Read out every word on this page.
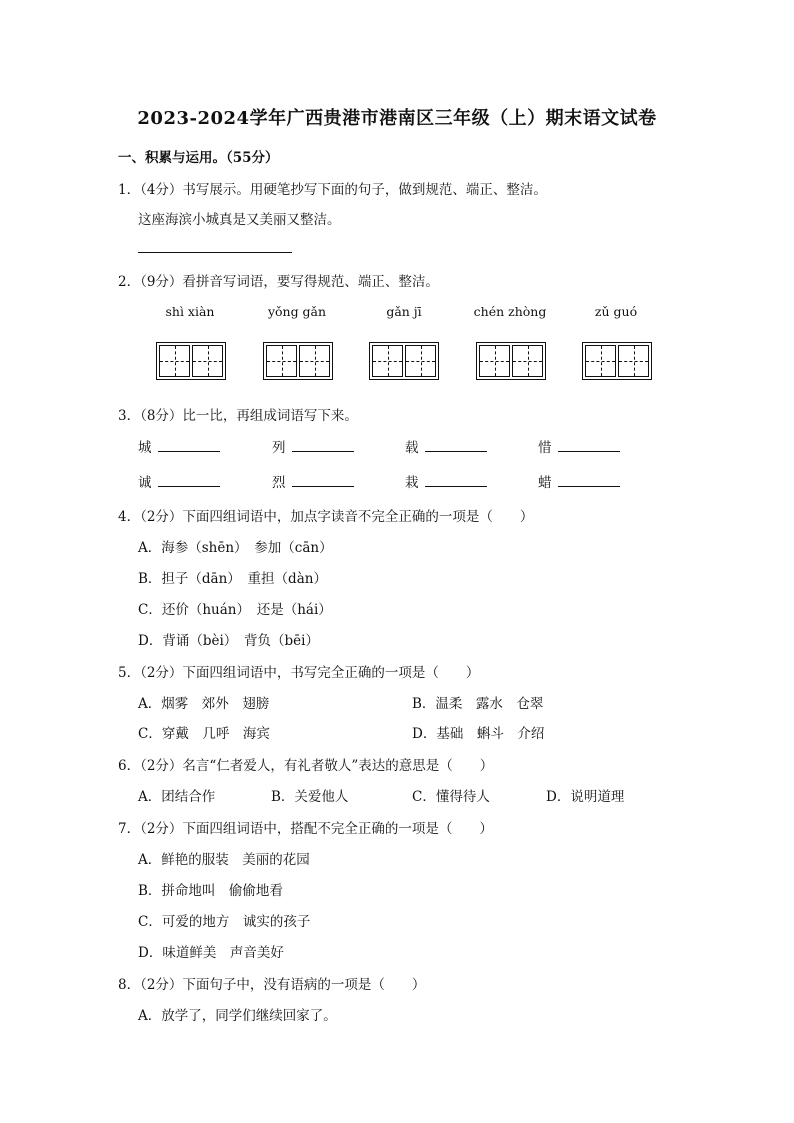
2023-2024学年广西贵港市港南区三年级（上）期末语文试卷
一、积累与运用。（55分）
1．（4分）书写展示。用硬笔抄写下面的句子，做到规范、端正、整洁。
这座海滨小城真是又美丽又整洁。
2．（9分）看拼音写词语，要写得规范、端正、整洁。
shì xiàn	yǒng gǎn	gǎn jī	chén zhòng	zǔ guó
3．（8分）比一比，再组成词语写下来。
城	列	载	惜
诚	烈	栽	蜡
4．（2分）下面四组词语中，加点字读音不完全正确的一项是（　　）
A．海参（shēn）　参加（cān）
B．担子（dān）　重担（dàn）
C．还价（huán）　还是（hái）
D．背诵（bèi）　背负（bēi）
5．（2分）下面四组词语中，书写完全正确的一项是（　　）
A．烟雾　郊外　翅膀	B．温柔　露水　仓翠
C．穿戴　几呼　海宾	D．基础　蝌斗　介绍
6．（2分）名言“仁者爱人，有礼者敬人”表达的意思是（　　）
A．团结合作	B．关爱他人	C．懂得待人	D．说明道理
7．（2分）下面四组词语中，搭配不完全正确的一项是（　　）
A．鲜艳的服装　美丽的花园
B．拼命地叫　偷偷地看
C．可爱的地方　诚实的孩子
D．味道鲜美　声音美好
8．（2分）下面句子中，没有语病的一项是（　　）
A．放学了，同学们继续回家了。
